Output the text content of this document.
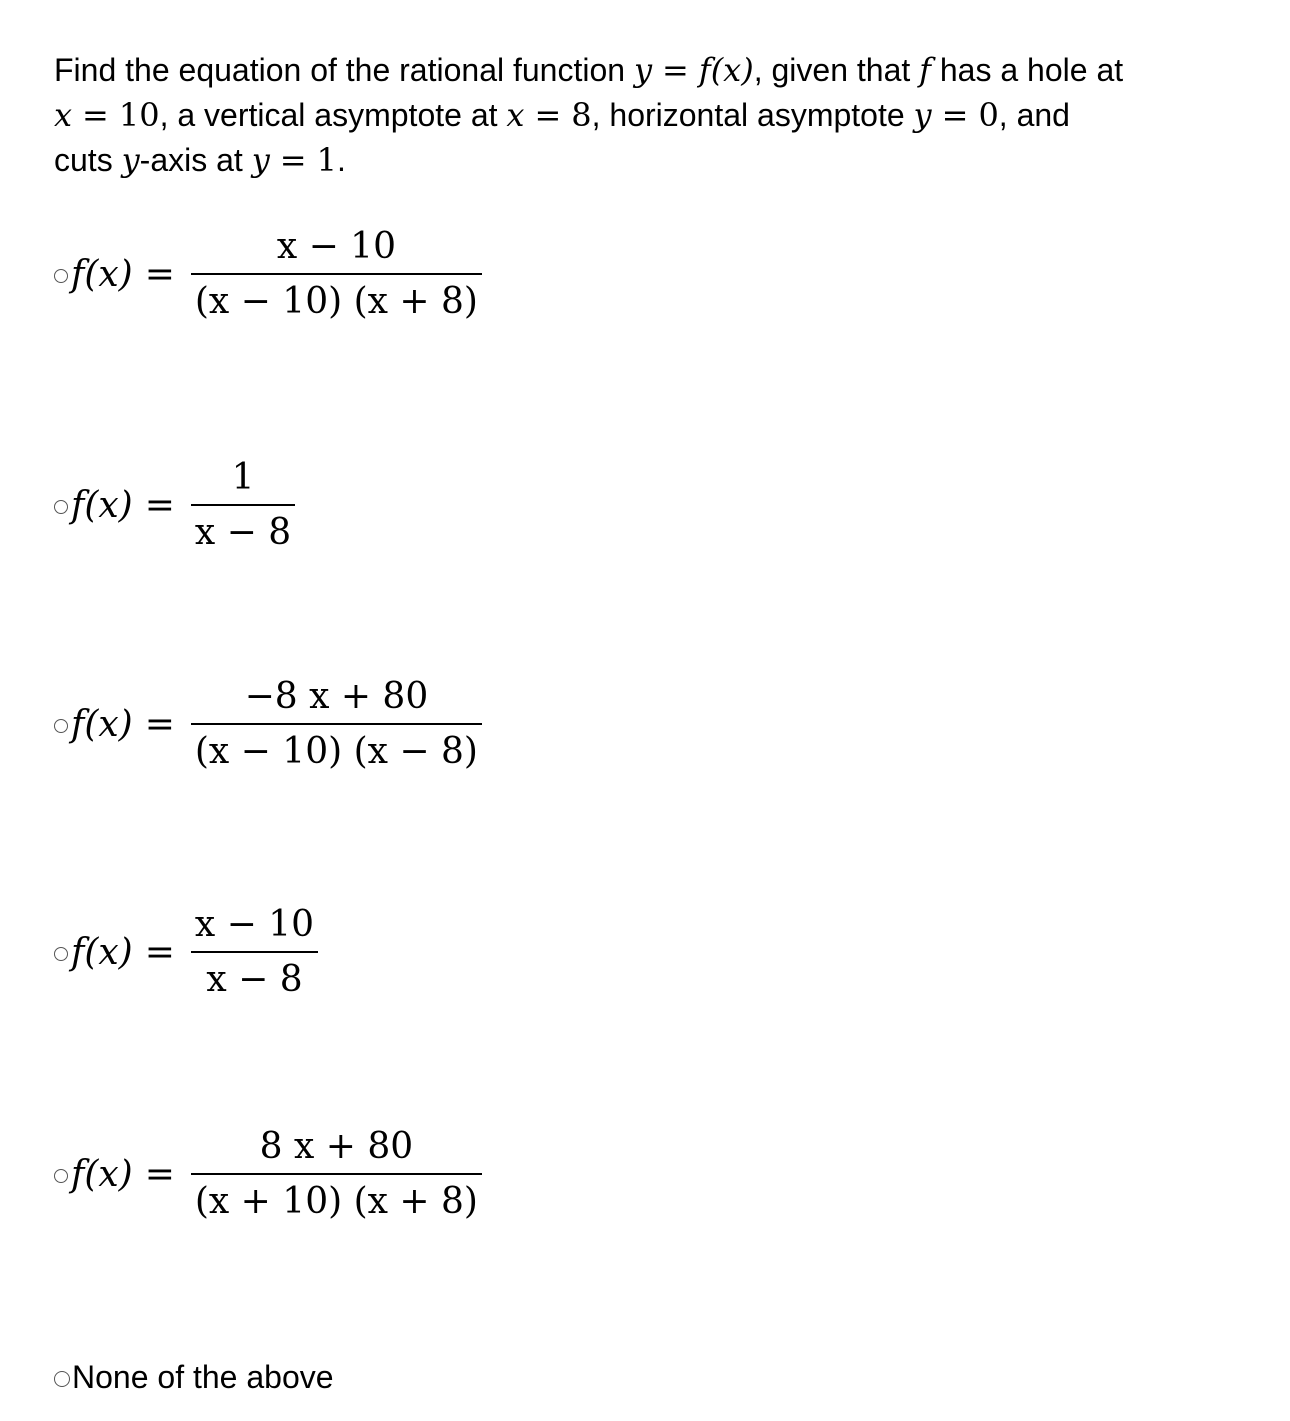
Find the equation of the rational function y = f(x), given that f has a hole at
x = 10, a vertical asymptote at x = 8, horizontal asymptote y = 0, and
cuts y-axis at y = 1.
$f(x) = \frac{x - 10}{(x - 10) (x + 8)}$
$f(x) = \frac{1}{x - 8}$
$f(x) = \frac{-8 x + 80}{(x - 10) (x - 8)}$
$f(x) = \frac{x - 10}{x - 8}$
$f(x) = \frac{8 x + 80}{(x + 10) (x + 8)}$
None of the above
